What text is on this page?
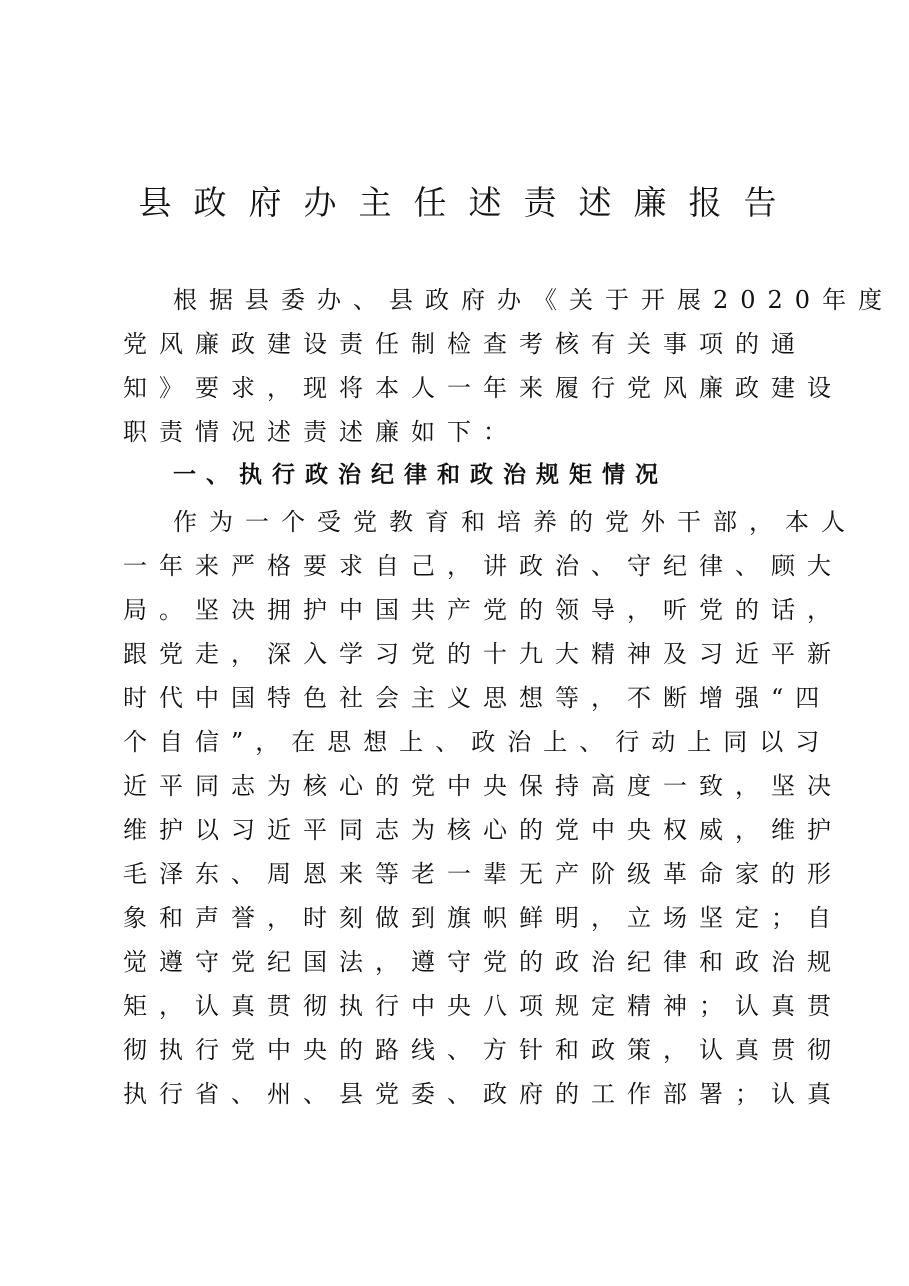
县政府办主任述责述廉报告
根据县委办、县政府办《关于开展2020年度
党风廉政建设责任制检查考核有关事项的通
知》要求，现将本人一年来履行党风廉政建设
职责情况述责述廉如下：
一、执行政治纪律和政治规矩情况
作为一个受党教育和培养的党外干部，本人
一年来严格要求自己，讲政治、守纪律、顾大
局。坚决拥护中国共产党的领导，听党的话，
跟党走，深入学习党的十九大精神及习近平新
时代中国特色社会主义思想等，不断增强“四
个自信”，在思想上、政治上、行动上同以习
近平同志为核心的党中央保持高度一致，坚决
维护以习近平同志为核心的党中央权威，维护
毛泽东、周恩来等老一辈无产阶级革命家的形
象和声誉，时刻做到旗帜鲜明，立场坚定；自
觉遵守党纪国法，遵守党的政治纪律和政治规
矩，认真贯彻执行中央八项规定精神；认真贯
彻执行党中央的路线、方针和政策，认真贯彻
执行省、州、县党委、政府的工作部署；认真
